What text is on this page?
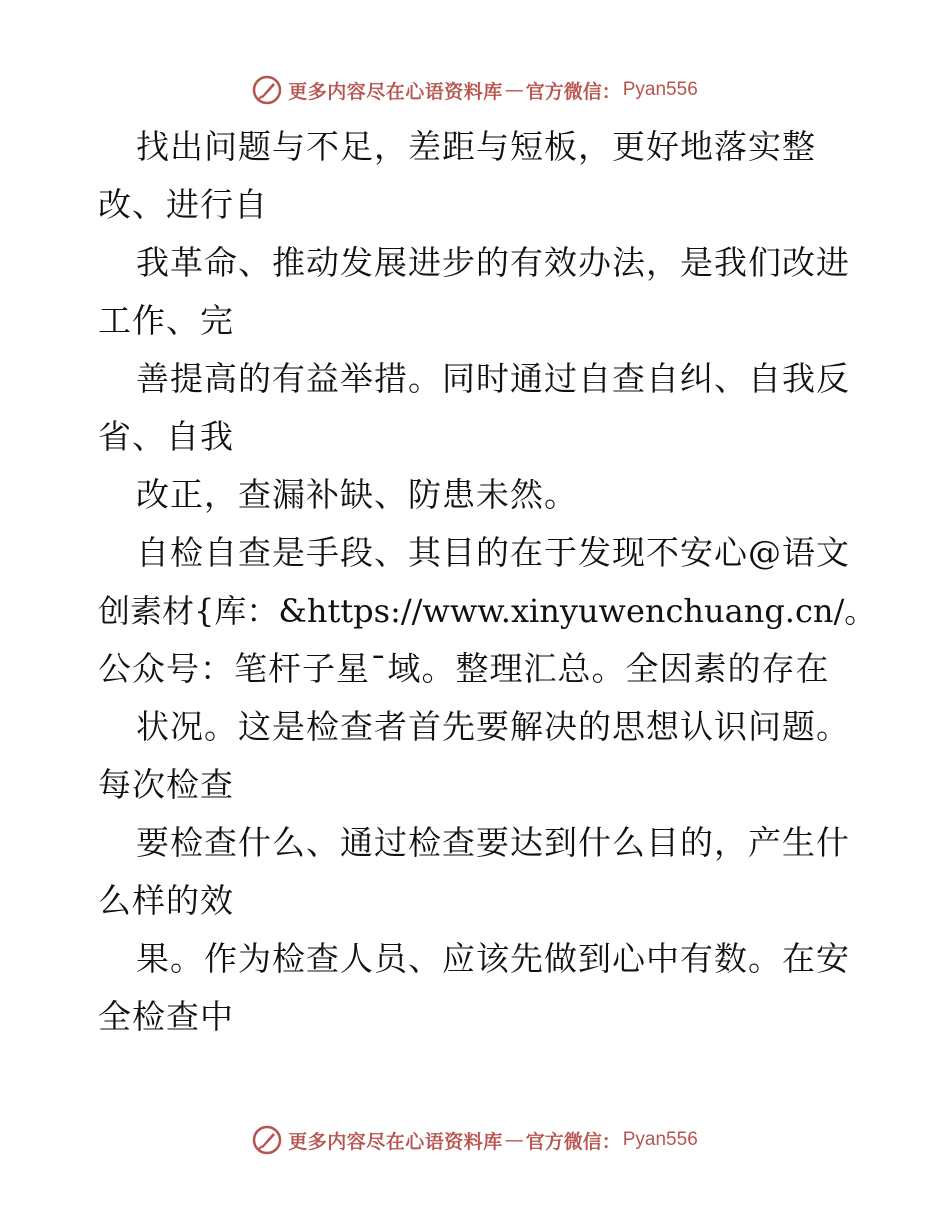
更多内容尽在心语资料库 — 官方微信： Pyan556
找出问题与不足，差距与短板，更好地落实整
改、进行自
我革命、推动发展进步的有效办法，是我们改进
工作、完
善提高的有益举措。同时通过自查自纠、自我反
省、自我
改正，查漏补缺、防患未然。
自检自查是手段、其目的在于发现不安心@语文
创素材{库：&https://www.xinyuwenchuang.cn/。
公众号：笔杆子星¯域。整理汇总。全因素的存在
状况。这是检查者首先要解决的思想认识问题。
每次检查
要检查什么、通过检查要达到什么目的，产生什
么样的效
果。作为检查人员、应该先做到心中有数。在安
全检查中
更多内容尽在心语资料库 — 官方微信： Pyan556
